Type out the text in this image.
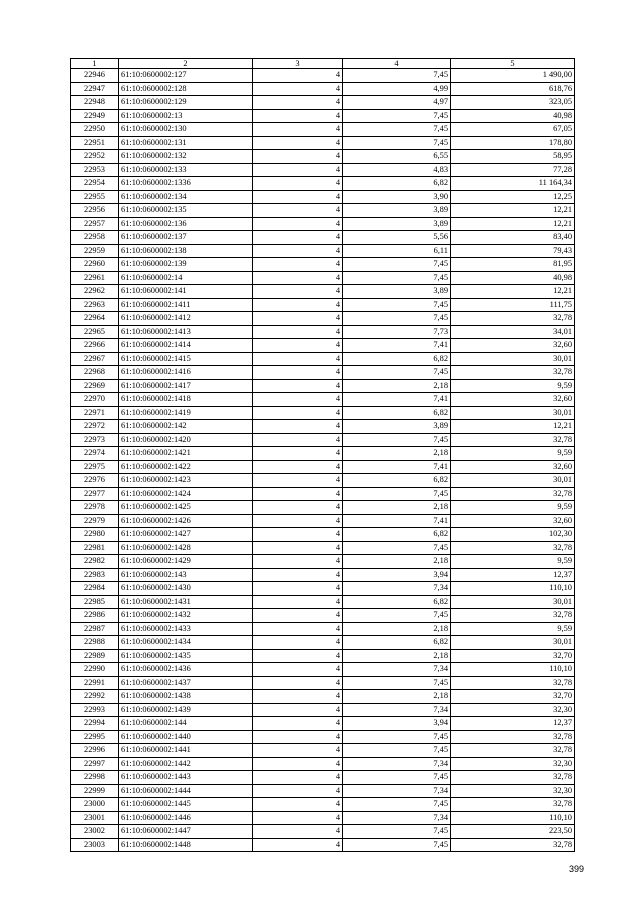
1	2	3	4	5
22946	61:10:0600002:127	4	7,45	1 490,00
22947	61:10:0600002:128	4	4,99	618,76
22948	61:10:0600002:129	4	4,97	323,05
22949	61:10:0600002:13	4	7,45	40,98
22950	61:10:0600002:130	4	7,45	67,05
22951	61:10:0600002:131	4	7,45	178,80
22952	61:10:0600002:132	4	6,55	58,95
22953	61:10:0600002:133	4	4,83	77,28
22954	61:10:0600002:1336	4	6,82	11 164,34
22955	61:10:0600002:134	4	3,90	12,25
22956	61:10:0600002:135	4	3,89	12,21
22957	61:10:0600002:136	4	3,89	12,21
22958	61:10:0600002:137	4	5,56	83,40
22959	61:10:0600002:138	4	6,11	79,43
22960	61:10:0600002:139	4	7,45	81,95
22961	61:10:0600002:14	4	7,45	40,98
22962	61:10:0600002:141	4	3,89	12,21
22963	61:10:0600002:1411	4	7,45	111,75
22964	61:10:0600002:1412	4	7,45	32,78
22965	61:10:0600002:1413	4	7,73	34,01
22966	61:10:0600002:1414	4	7,41	32,60
22967	61:10:0600002:1415	4	6,82	30,01
22968	61:10:0600002:1416	4	7,45	32,78
22969	61:10:0600002:1417	4	2,18	9,59
22970	61:10:0600002:1418	4	7,41	32,60
22971	61:10:0600002:1419	4	6,82	30,01
22972	61:10:0600002:142	4	3,89	12,21
22973	61:10:0600002:1420	4	7,45	32,78
22974	61:10:0600002:1421	4	2,18	9,59
22975	61:10:0600002:1422	4	7,41	32,60
22976	61:10:0600002:1423	4	6,82	30,01
22977	61:10:0600002:1424	4	7,45	32,78
22978	61:10:0600002:1425	4	2,18	9,59
22979	61:10:0600002:1426	4	7,41	32,60
22980	61:10:0600002:1427	4	6,82	102,30
22981	61:10:0600002:1428	4	7,45	32,78
22982	61:10:0600002:1429	4	2,18	9,59
22983	61:10:0600002:143	4	3,94	12,37
22984	61:10:0600002:1430	4	7,34	110,10
22985	61:10:0600002:1431	4	6,82	30,01
22986	61:10:0600002:1432	4	7,45	32,78
22987	61:10:0600002:1433	4	2,18	9,59
22988	61:10:0600002:1434	4	6,82	30,01
22989	61:10:0600002:1435	4	2,18	32,70
22990	61:10:0600002:1436	4	7,34	110,10
22991	61:10:0600002:1437	4	7,45	32,78
22992	61:10:0600002:1438	4	2,18	32,70
22993	61:10:0600002:1439	4	7,34	32,30
22994	61:10:0600002:144	4	3,94	12,37
22995	61:10:0600002:1440	4	7,45	32,78
22996	61:10:0600002:1441	4	7,45	32,78
22997	61:10:0600002:1442	4	7,34	32,30
22998	61:10:0600002:1443	4	7,45	32,78
22999	61:10:0600002:1444	4	7,34	32,30
23000	61:10:0600002:1445	4	7,45	32,78
23001	61:10:0600002:1446	4	7,34	110,10
23002	61:10:0600002:1447	4	7,45	223,50
23003	61:10:0600002:1448	4	7,45	32,78
399
